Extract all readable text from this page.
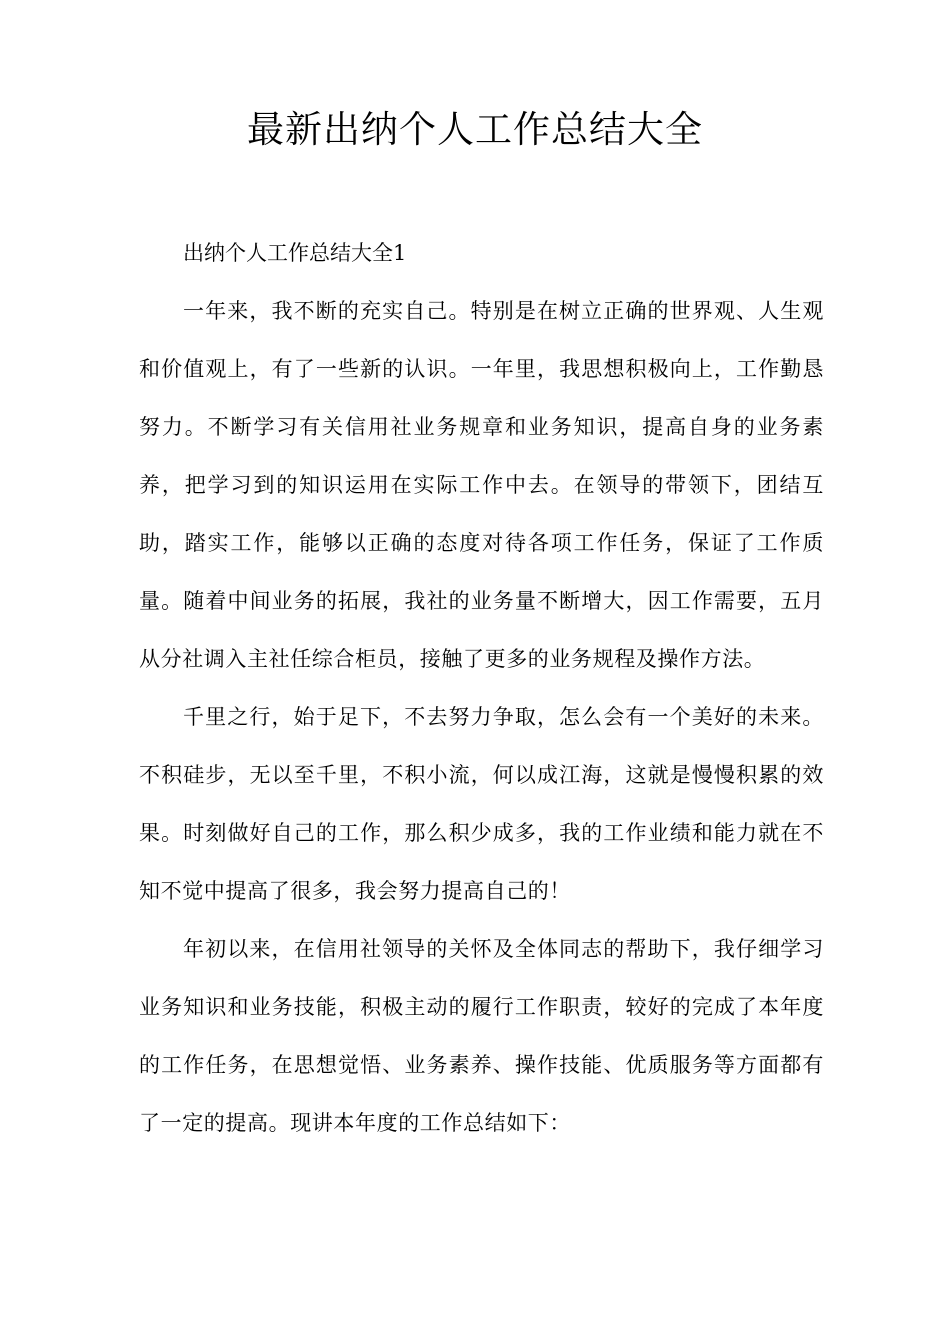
最新出纳个人工作总结大全

出纳个人工作总结大全1

一年来，我不断的充实自己。特别是在树立正确的世界观、人生观和价值观上，有了一些新的认识。一年里，我思想积极向上，工作勤恳努力。不断学习有关信用社业务规章和业务知识，提高自身的业务素养，把学习到的知识运用在实际工作中去。在领导的带领下，团结互助，踏实工作，能够以正确的态度对待各项工作任务，保证了工作质量。随着中间业务的拓展，我社的业务量不断增大，因工作需要，五月从分社调入主社任综合柜员，接触了更多的业务规程及操作方法。

千里之行，始于足下，不去努力争取，怎么会有一个美好的未来。不积硅步，无以至千里，不积小流，何以成江海，这就是慢慢积累的效果。时刻做好自己的工作，那么积少成多，我的工作业绩和能力就在不知不觉中提高了很多，我会努力提高自己的！

年初以来，在信用社领导的关怀及全体同志的帮助下，我仔细学习业务知识和业务技能，积极主动的履行工作职责，较好的完成了本年度的工作任务，在思想觉悟、业务素养、操作技能、优质服务等方面都有了一定的提高。现讲本年度的工作总结如下：
